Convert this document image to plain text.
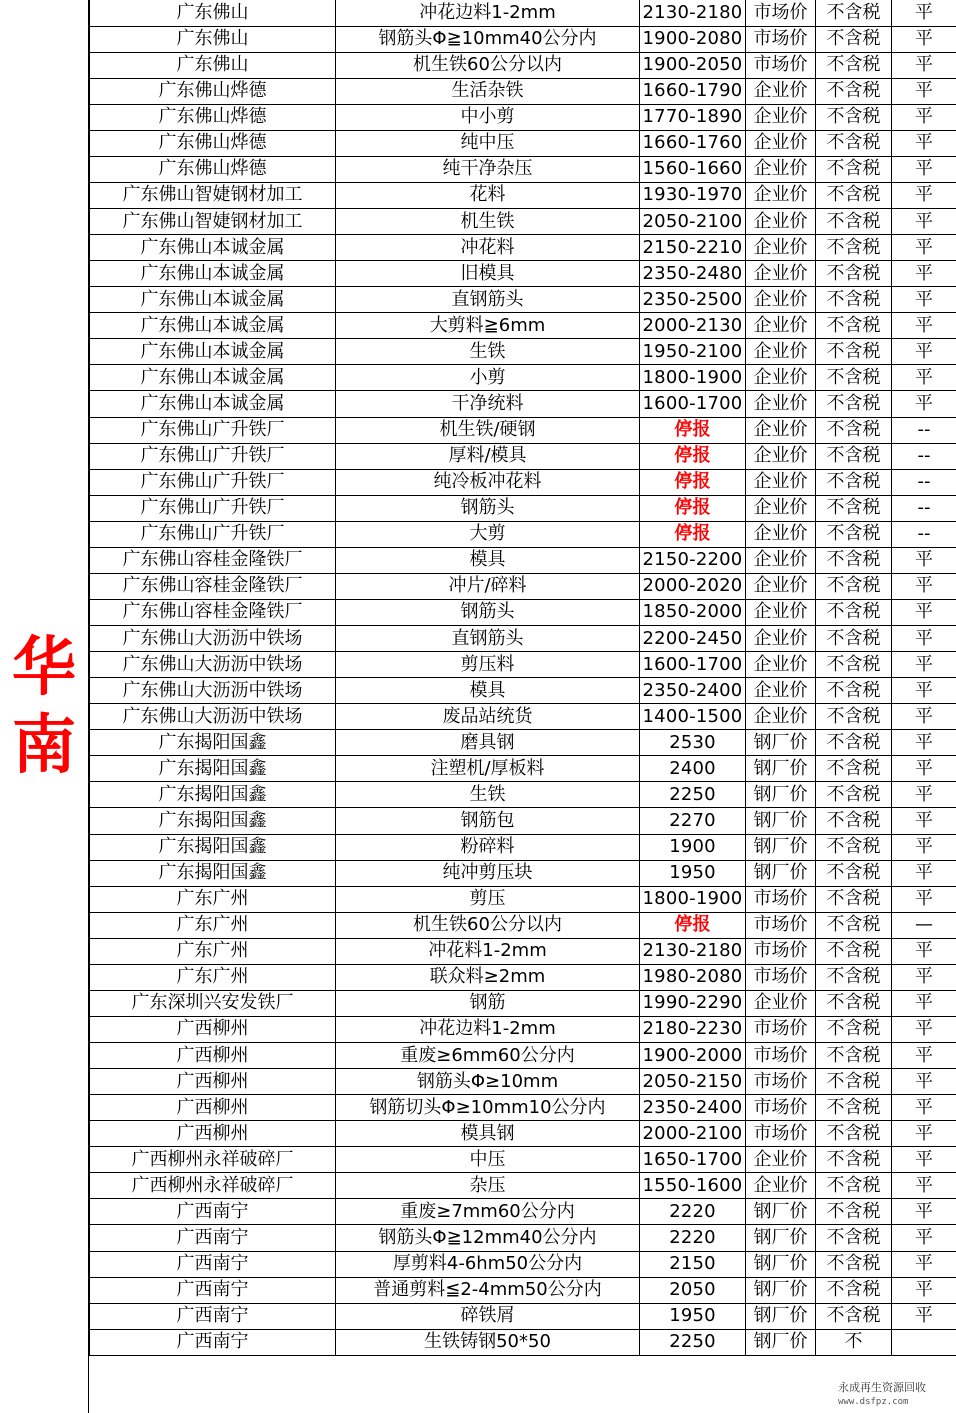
华
南
广东佛山	冲花边料1-2mm	2130-2180	市场价	不含税	平
广东佛山	钢筋头Φ≧10mm40公分内	1900-2080	市场价	不含税	平
广东佛山	机生铁60公分以内	1900-2050	市场价	不含税	平
广东佛山烨德	生活杂铁	1660-1790	企业价	不含税	平
广东佛山烨德	中小剪	1770-1890	企业价	不含税	平
广东佛山烨德	纯中压	1660-1760	企业价	不含税	平
广东佛山烨德	纯干净杂压	1560-1660	企业价	不含税	平
广东佛山智婕钢材加工	花料	1930-1970	企业价	不含税	平
广东佛山智婕钢材加工	机生铁	2050-2100	企业价	不含税	平
广东佛山本诚金属	冲花料	2150-2210	企业价	不含税	平
广东佛山本诚金属	旧模具	2350-2480	企业价	不含税	平
广东佛山本诚金属	直钢筋头	2350-2500	企业价	不含税	平
广东佛山本诚金属	大剪料≧6mm	2000-2130	企业价	不含税	平
广东佛山本诚金属	生铁	1950-2100	企业价	不含税	平
广东佛山本诚金属	小剪	1800-1900	企业价	不含税	平
广东佛山本诚金属	干净统料	1600-1700	企业价	不含税	平
广东佛山广升铁厂	机生铁/硬钢	停报	企业价	不含税	--
广东佛山广升铁厂	厚料/模具	停报	企业价	不含税	--
广东佛山广升铁厂	纯冷板冲花料	停报	企业价	不含税	--
广东佛山广升铁厂	钢筋头	停报	企业价	不含税	--
广东佛山广升铁厂	大剪	停报	企业价	不含税	--
广东佛山容桂金隆铁厂	模具	2150-2200	企业价	不含税	平
广东佛山容桂金隆铁厂	冲片/碎料	2000-2020	企业价	不含税	平
广东佛山容桂金隆铁厂	钢筋头	1850-2000	企业价	不含税	平
广东佛山大沥沥中铁场	直钢筋头	2200-2450	企业价	不含税	平
广东佛山大沥沥中铁场	剪压料	1600-1700	企业价	不含税	平
广东佛山大沥沥中铁场	模具	2350-2400	企业价	不含税	平
广东佛山大沥沥中铁场	废品站统货	1400-1500	企业价	不含税	平
广东揭阳国鑫	磨具钢	2530	钢厂价	不含税	平
广东揭阳国鑫	注塑机/厚板料	2400	钢厂价	不含税	平
广东揭阳国鑫	生铁	2250	钢厂价	不含税	平
广东揭阳国鑫	钢筋包	2270	钢厂价	不含税	平
广东揭阳国鑫	粉碎料	1900	钢厂价	不含税	平
广东揭阳国鑫	纯冲剪压块	1950	钢厂价	不含税	平
广东广州	剪压	1800-1900	市场价	不含税	平
广东广州	机生铁60公分以内	停报	市场价	不含税	—
广东广州	冲花料1-2mm	2130-2180	市场价	不含税	平
广东广州	联众料≥2mm	1980-2080	市场价	不含税	平
广东深圳兴安发铁厂	钢筋	1990-2290	企业价	不含税	平
广西柳州	冲花边料1-2mm	2180-2230	市场价	不含税	平
广西柳州	重废≥6mm60公分内	1900-2000	市场价	不含税	平
广西柳州	钢筋头Φ≥10mm	2050-2150	市场价	不含税	平
广西柳州	钢筋切头Φ≥10mm10公分内	2350-2400	市场价	不含税	平
广西柳州	模具钢	2000-2100	市场价	不含税	平
广西柳州永祥破碎厂	中压	1650-1700	企业价	不含税	平
广西柳州永祥破碎厂	杂压	1550-1600	企业价	不含税	平
广西南宁	重废≥7mm60公分内	2220	钢厂价	不含税	平
广西南宁	钢筋头Φ≧12mm40公分内	2220	钢厂价	不含税	平
广西南宁	厚剪料4-6hm50公分内	2150	钢厂价	不含税	平
广西南宁	普通剪料≦2-4mm50公分内	2050	钢厂价	不含税	平
广西南宁	碎铁屑	1950	钢厂价	不含税	平
广西南宁	生铁铸钢50*50	2250	钢厂价	不	
永成再生资源回收
www.dsfpz.com
